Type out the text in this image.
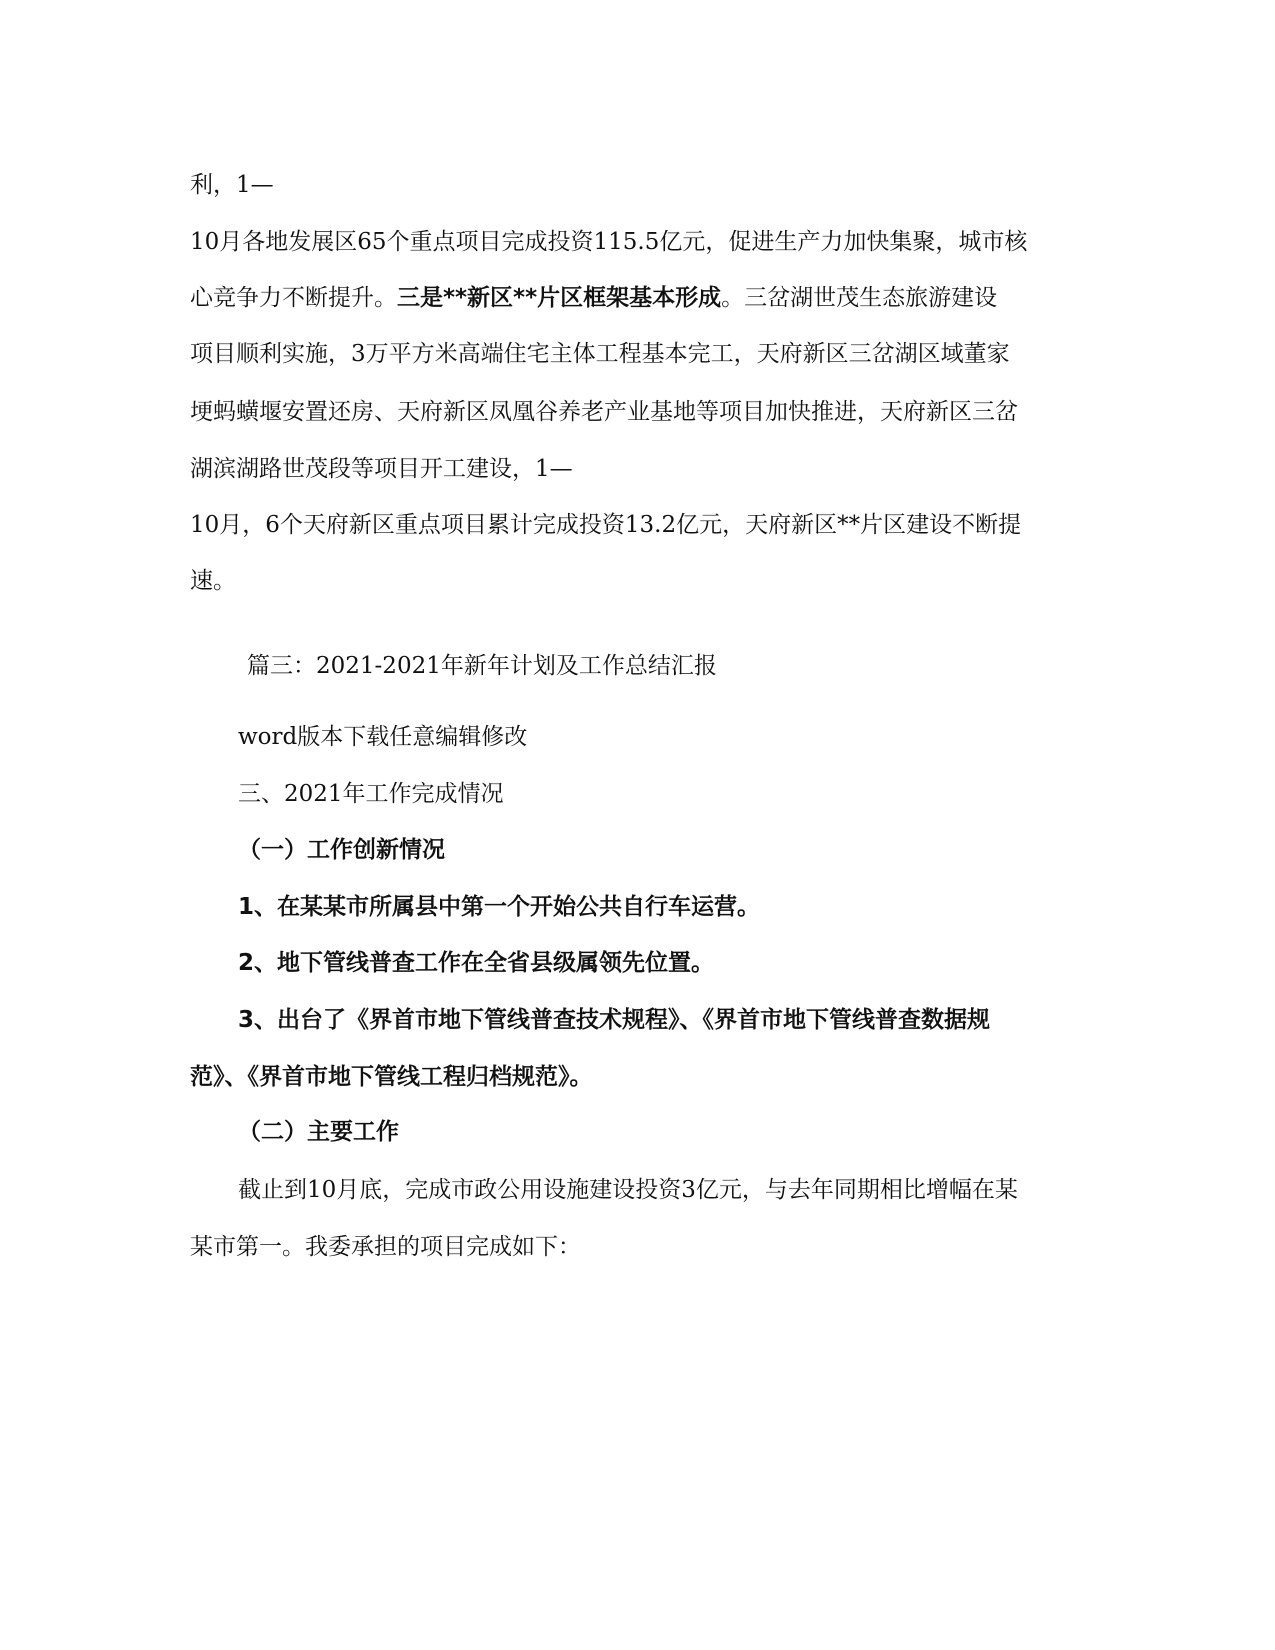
利，1—

10月各地发展区65个重点项目完成投资115.5亿元，促进生产力加快集聚，城市核

心竞争力不断提升。三是**新区**片区框架基本形成。三岔湖世茂生态旅游建设

项目顺利实施，3万平方米高端住宅主体工程基本完工，天府新区三岔湖区域董家

埂蚂蟥堰安置还房、天府新区凤凰谷养老产业基地等项目加快推进，天府新区三岔

湖滨湖路世茂段等项目开工建设，1—

10月，6个天府新区重点项目累计完成投资13.2亿元，天府新区**片区建设不断提

速。

篇三：2021-2021年新年计划及工作总结汇报

word版本下载任意编辑修改

三、2021年工作完成情况

（一）工作创新情况

1、在某某市所属县中第一个开始公共自行车运营。

2、地下管线普查工作在全省县级属领先位置。

3、出台了《界首市地下管线普查技术规程》、《界首市地下管线普查数据规

范》、《界首市地下管线工程归档规范》。

（二）主要工作

截止到10月底，完成市政公用设施建设投资3亿元，与去年同期相比增幅在某

某市第一。我委承担的项目完成如下：
